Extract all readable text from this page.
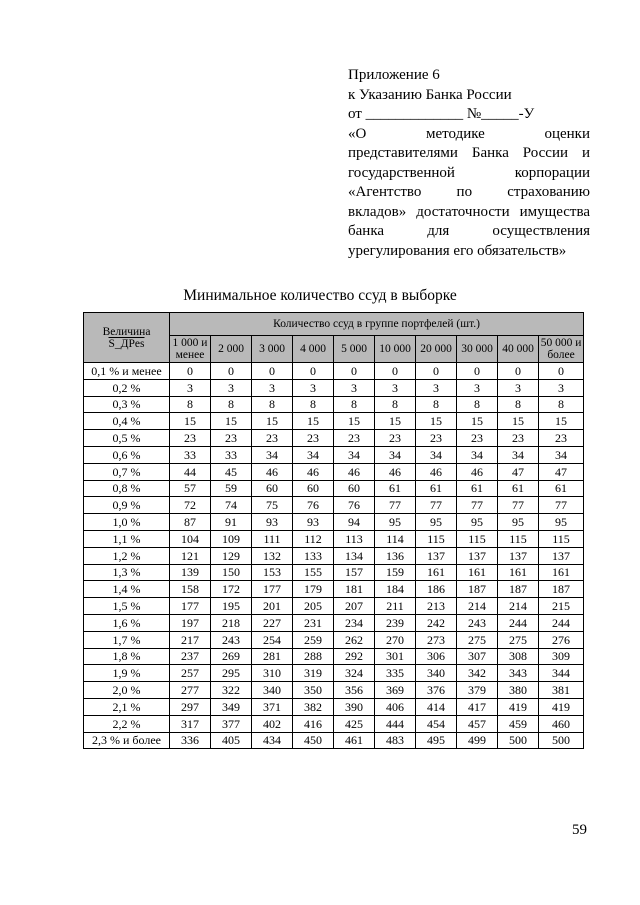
Приложение 6
к Указанию Банка России
от _____________ №_____-У
«О методике оценки
представителями Банка России и
государственной корпорации
«Агентство по страхованию
вкладов» достаточности имущества
банка для осуществления
урегулирования его обязательств»
Минимальное количество ссуд в выборке
Величина
S_ДРes	Количество ссуд в группе портфелей (шт.)									
	1 000 и менее	2 000	3 000	4 000	5 000	10 000	20 000	30 000	40 000	50 000 и более
0,1 % и менее	0	0	0	0	0	0	0	0	0	0
0,2 %	3	3	3	3	3	3	3	3	3	3
0,3 %	8	8	8	8	8	8	8	8	8	8
0,4 %	15	15	15	15	15	15	15	15	15	15
0,5 %	23	23	23	23	23	23	23	23	23	23
0,6 %	33	33	34	34	34	34	34	34	34	34
0,7 %	44	45	46	46	46	46	46	46	47	47
0,8 %	57	59	60	60	60	61	61	61	61	61
0,9 %	72	74	75	76	76	77	77	77	77	77
1,0 %	87	91	93	93	94	95	95	95	95	95
1,1 %	104	109	111	112	113	114	115	115	115	115
1,2 %	121	129	132	133	134	136	137	137	137	137
1,3 %	139	150	153	155	157	159	161	161	161	161
1,4 %	158	172	177	179	181	184	186	187	187	187
1,5 %	177	195	201	205	207	211	213	214	214	215
1,6 %	197	218	227	231	234	239	242	243	244	244
1,7 %	217	243	254	259	262	270	273	275	275	276
1,8 %	237	269	281	288	292	301	306	307	308	309
1,9 %	257	295	310	319	324	335	340	342	343	344
2,0 %	277	322	340	350	356	369	376	379	380	381
2,1 %	297	349	371	382	390	406	414	417	419	419
2,2 %	317	377	402	416	425	444	454	457	459	460
2,3 % и более	336	405	434	450	461	483	495	499	500	500
59
